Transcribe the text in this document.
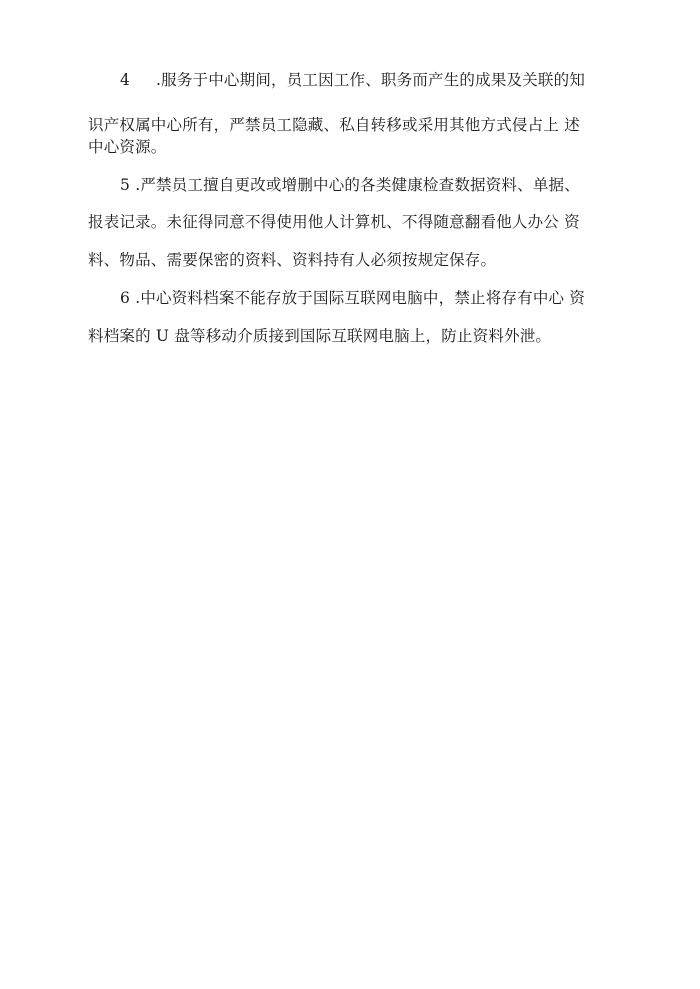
4 .服务于中心期间，员工因工作、职务而产生的成果及关联的知
识产权属中心所有，严禁员工隐藏、私自转移或采用其他方式侵占上 述
中心资源。
5 .严禁员工擅自更改或增删中心的各类健康检查数据资料、单据、
报表记录。未征得同意不得使用他人计算机、不得随意翻看他人办公 资
料、物品、需要保密的资料、资料持有人必须按规定保存。
6 .中心资料档案不能存放于国际互联网电脑中，禁止将存有中心 资
料档案的 U 盘等移动介质接到国际互联网电脑上，防止资料外泄。
